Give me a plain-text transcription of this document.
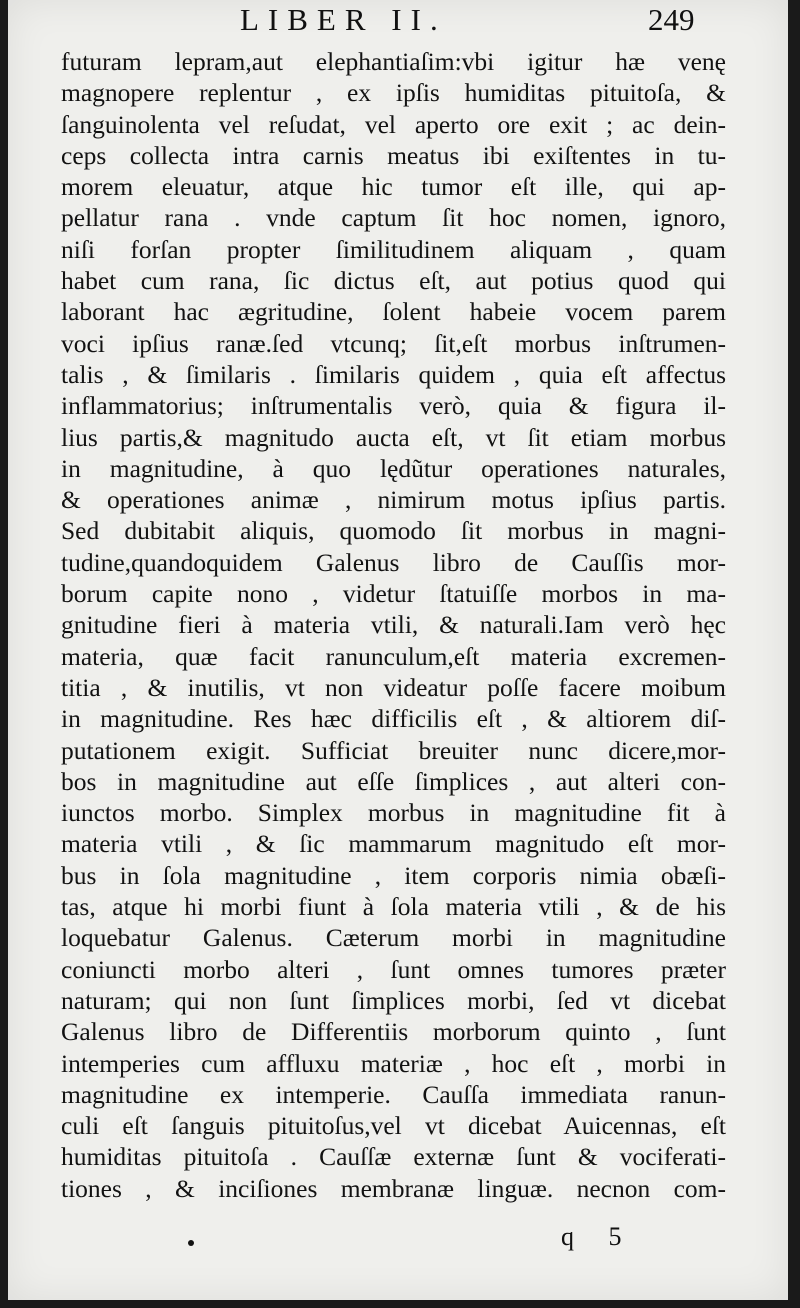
LIBER II.	249
futuram lepram,aut elephantiaſim:vbi igitur hæ venę
magnopere replentur , ex ipſis humiditas pituitoſa, &
ſanguinolenta vel reſudat, vel aperto ore exit ; ac dein-
ceps collecta intra carnis meatus ibi exiſtentes in tu-
morem eleuatur, atque hic tumor eſt ille, qui ap-
pellatur rana . vnde captum ſit hoc nomen, ignoro,
niſi forſan propter ſimilitudinem aliquam , quam
habet cum rana, ſic dictus eſt, aut potius quod qui
laborant hac ægritudine, ſolent habeie vocem parem
voci ipſius ranæ.ſed vtcunq; ſit,eſt morbus inſtrumen-
talis , & ſimilaris . ſimilaris quidem , quia eſt affectus
inflammatorius; inſtrumentalis verò, quia & figura il-
lius partis,& magnitudo aucta eſt, vt ſit etiam morbus
in magnitudine, à quo lędũtur operationes naturales,
& operationes animæ , nimirum motus ipſius partis.
Sed dubitabit aliquis, quomodo ſit morbus in magni-
tudine,quandoquidem Galenus libro de Cauſſis mor-
borum capite nono , videtur ſtatuiſſe morbos in ma-
gnitudine fieri à materia vtili, & naturali.Iam verò hęc
materia, quæ facit ranunculum,eſt materia excremen-
titia , & inutilis, vt non videatur poſſe facere moibum
in magnitudine. Res hæc difficilis eſt , & altiorem diſ-
putationem exigit. Sufficiat breuiter nunc dicere,mor-
bos in magnitudine aut eſſe ſimplices , aut alteri con-
iunctos morbo. Simplex morbus in magnitudine fit à
materia vtili , & ſic mammarum magnitudo eſt mor-
bus in ſola magnitudine , item corporis nimia obæſi-
tas, atque hi morbi fiunt à ſola materia vtili , & de his
loquebatur Galenus. Cæterum morbi in magnitudine
coniuncti morbo alteri , ſunt omnes tumores præter
naturam; qui non ſunt ſimplices morbi, ſed vt dicebat
Galenus libro de Differentiis morborum quinto , ſunt
intemperies cum affluxu materiæ , hoc eſt , morbi in
magnitudine ex intemperie. Cauſſa immediata ranun-
culi eſt ſanguis pituitoſus,vel vt dicebat Auicennas, eſt
humiditas pituitoſa . Cauſſæ externæ ſunt & vociferati-
tiones , & inciſiones membranæ linguæ. necnon com-
q 5
